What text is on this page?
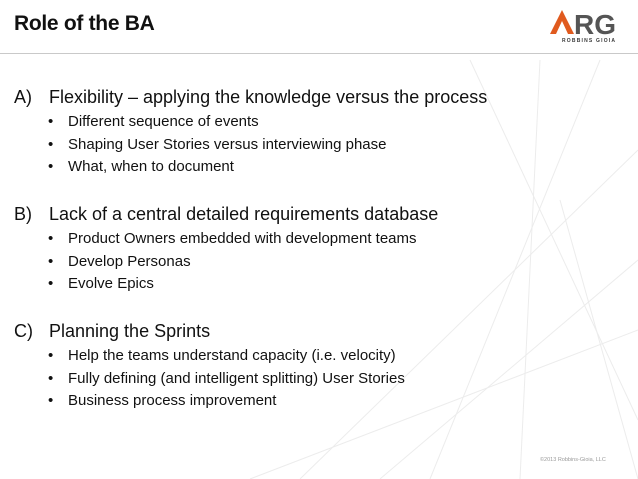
Role of the BA	RG
ROBBINS GIOIA
A) Flexibility – applying the knowledge versus the process
• Different sequence of events
• Shaping User Stories versus interviewing phase
• What, when to document
B) Lack of a central detailed requirements database
• Product Owners embedded with development teams
• Develop Personas
• Evolve Epics
C) Planning the Sprints
• Help the teams understand capacity (i.e. velocity)
• Fully defining (and intelligent splitting) User Stories
• Business process improvement
©2013 Robbins-Gioia, LLC
